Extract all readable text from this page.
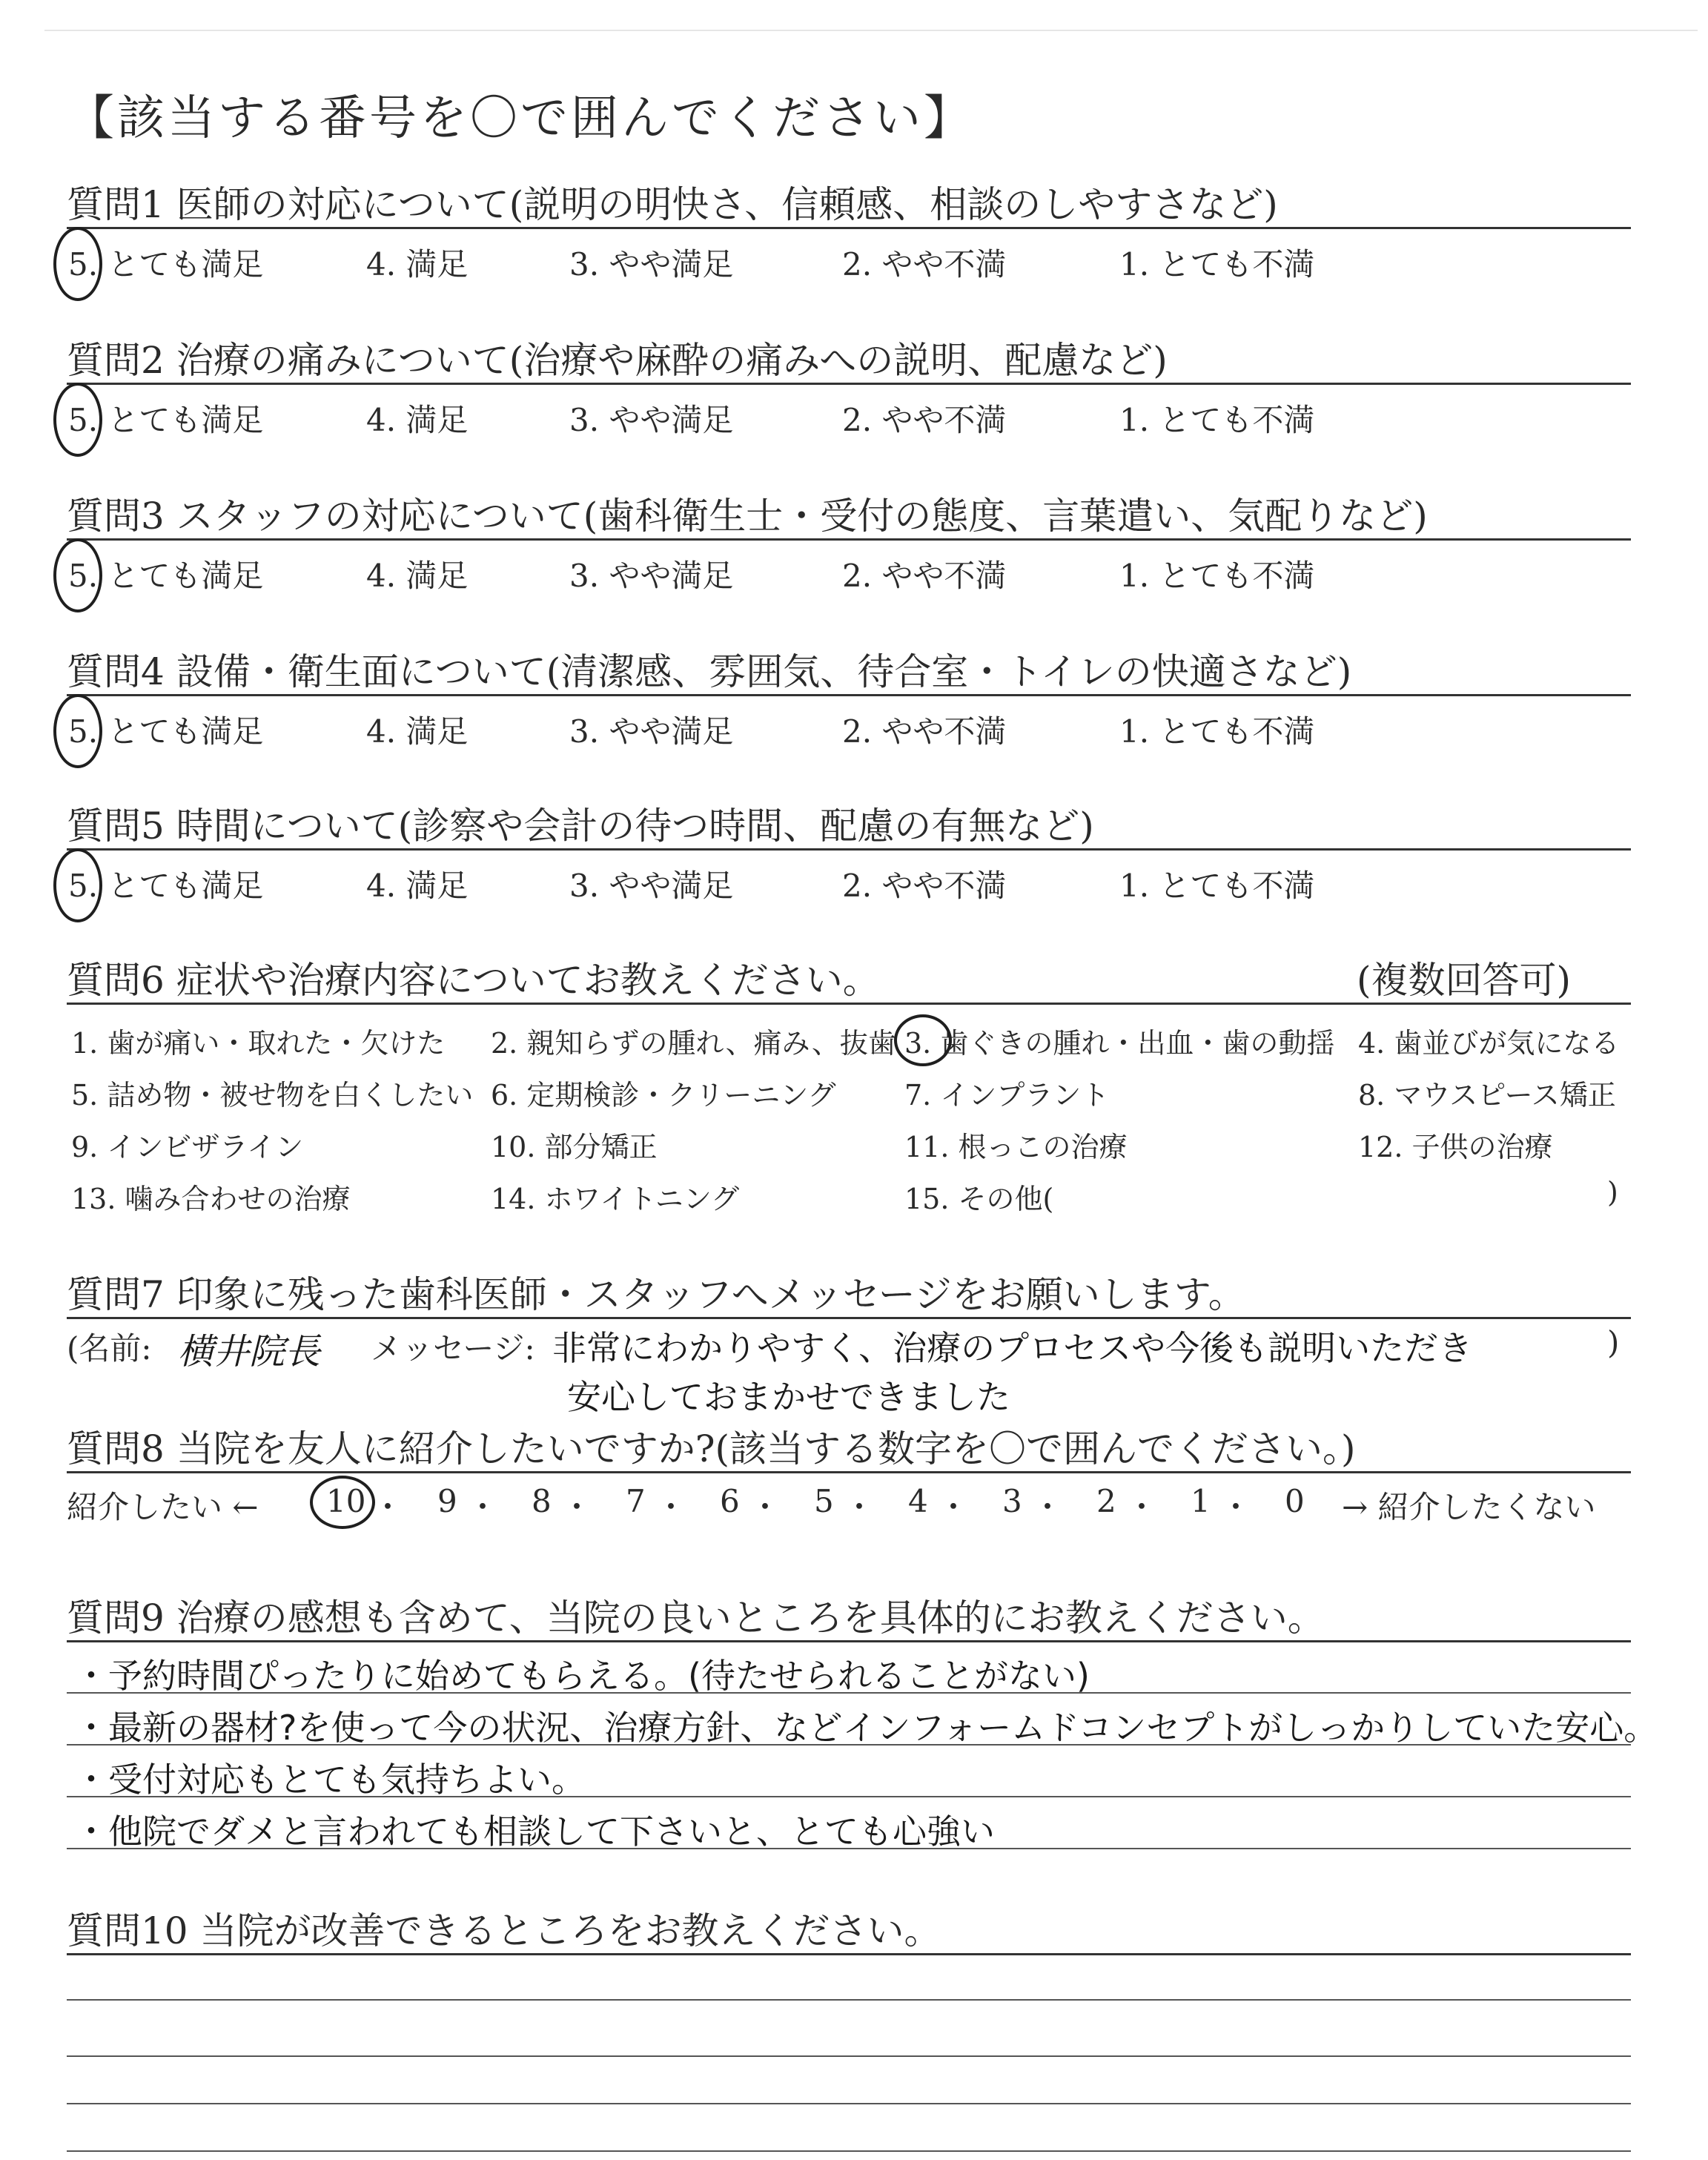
【該当する番号を〇で囲んでください】
質問1 医師の対応について(説明の明快さ、信頼感、相談のしやすさなど)
5. とても満足	4. 満足	3. やや満足	2. やや不満	1. とても不満
質問2 治療の痛みについて(治療や麻酔の痛みへの説明、配慮など)
5. とても満足	4. 満足	3. やや満足	2. やや不満	1. とても不満
質問3 スタッフの対応について(歯科衛生士・受付の態度、言葉遣い、気配りなど)
5. とても満足	4. 満足	3. やや満足	2. やや不満	1. とても不満
質問4 設備・衛生面について(清潔感、雰囲気、待合室・トイレの快適さなど)
5. とても満足	4. 満足	3. やや満足	2. やや不満	1. とても不満
質問5 時間について(診察や会計の待つ時間、配慮の有無など)
5. とても満足	4. 満足	3. やや満足	2. やや不満	1. とても不満
質問6 症状や治療内容についてお教えください。	(複数回答可)
1. 歯が痛い・取れた・欠けた 2. 親知らずの腫れ、痛み、抜歯 3. 歯ぐきの腫れ・出血・歯の動揺 4. 歯並びが気になる
5. 詰め物・被せ物を白くしたい 6. 定期検診・クリーニング 7. インプラント	8. マウスピース矯正
9. インビザライン	10. 部分矯正	11. 根っこの治療	12. 子供の治療
13. 噛み合わせの治療	14. ホワイトニング	15. その他(	)
質問7 印象に残った歯科医師・スタッフへメッセージをお願いします。
(名前: 横井院長 メッセージ: 非常にわかりやすく、治療のプロセスや今後も説明いただき
安心しておまかせできました
)
質問8 当院を友人に紹介したいですか?(該当する数字を〇で囲んでください。)
紹介したい ←	→ 紹介したくない
10 ・ 9 ・ 8 ・ 7 ・ 6 ・ 5 ・ 4 ・ 3 ・ 2 ・ 1 ・ 0
質問9 治療の感想も含めて、当院の良いところを具体的にお教えください。
・予約時間ぴったりに始めてもらえる。(待たせられることがない)
・最新の器材?を使って今の状況、治療方針、などインフォームドコンセプトがしっかりしていた安心。
・受付対応もとても気持ちよい。
・他院でダメと言われても相談して下さいと、とても心強い
質問10 当院が改善できるところをお教えください。
